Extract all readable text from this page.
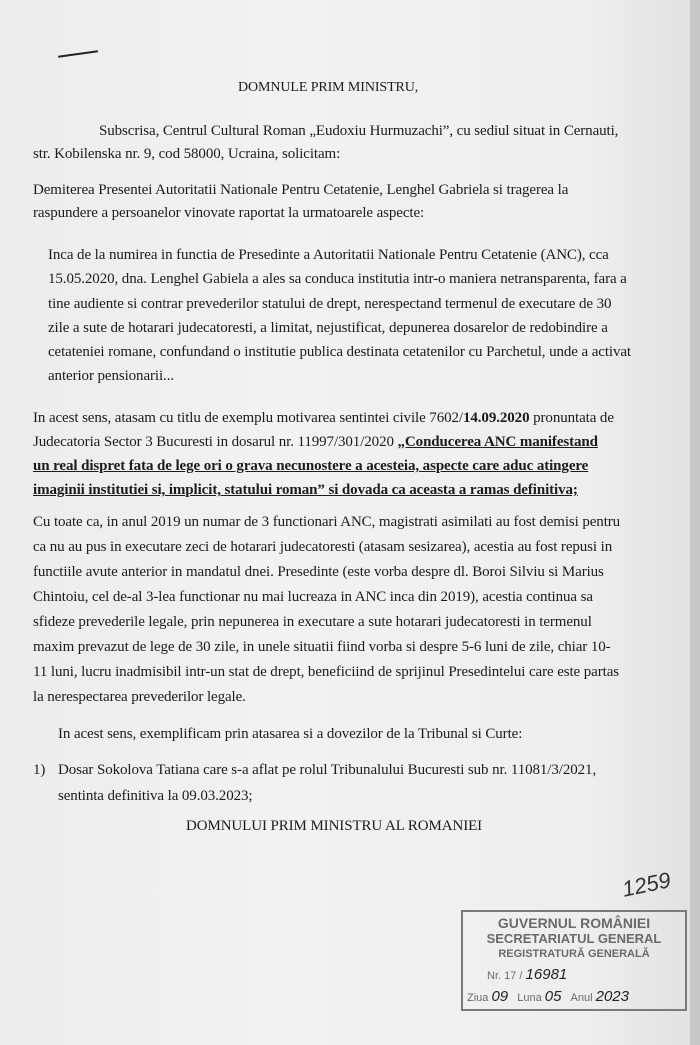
DOMNULE PRIM MINISTRU,
Subscrisa, Centrul Cultural Roman „Eudoxiu Hurmuzachi”, cu sediul situat in Cernauti,
str. Kobilenska nr. 9, cod 58000, Ucraina, solicitam:
Demiterea Presentei Autoritatii Nationale Pentru Cetatenie, Lenghel Gabriela si tragerea la
raspundere a persoanelor vinovate raportat la urmatoarele aspecte:
Inca de la numirea in functia de Presedinte a Autoritatii Nationale Pentru Cetatenie (ANC), cca
15.05.2020, dna. Lenghel Gabiela a ales sa conduca institutia intr-o maniera netransparenta, fara a
tine audiente si contrar prevederilor statului de drept, nerespectand termenul de executare de 30
zile a sute de hotarari judecatoresti, a limitat, nejustificat, depunerea dosarelor de redobindire a
cetateniei romane, confundand o institutie publica destinata cetatenilor cu Parchetul, unde a activat
anterior pensionarii...
In acest sens, atasam cu titlu de exemplu motivarea sentintei civile 7602/14.09.2020 pronuntata de
Judecatoria Sector 3 Bucuresti in dosarul nr. 11997/301/2020 „Conducerea ANC manifestand
un real dispret fata de lege ori o grava necunostere a acesteia, aspecte care aduc atingere
imaginii institutiei si, implicit, statului roman” si dovada ca aceasta a ramas definitiva;
Cu toate ca, in anul 2019 un numar de 3 functionari ANC, magistrati asimilati au fost demisi pentru
ca nu au pus in executare zeci de hotarari judecatoresti (atasam sesizarea), acestia au fost repusi in
functiile avute anterior in mandatul dnei. Presedinte (este vorba despre dl. Boroi Silviu si Marius
Chintoiu, cel de-al 3-lea functionar nu mai lucreaza in ANC inca din 2019), acestia continua sa
sfideze prevederile legale, prin nepunerea in executare a sute hotarari judecatoresti in termenul
maxim prevazut de lege de 30 zile, in unele situatii fiind vorba si despre 5-6 luni de zile, chiar 10-
11 luni, lucru inadmisibil intr-un stat de drept, beneficiind de sprijinul Presedintelui care este partas
la nerespectarea prevederilor legale.
In acest sens, exemplificam prin atasarea si a dovezilor de la Tribunal si Curte:
1) Dosar Sokolova Tatiana care s-a aflat pe rolul Tribunalului Bucuresti sub nr. 11081/3/2021,
sentinta definitiva la 09.03.2023;
DOMNULUI PRIM MINISTRU AL ROMANIEI
1259
GUVERNUL ROMÂNIEI
SECRETARIATUL GENERAL
REGISTRATURĂ GENERALĂ
Nr. 17 / 16981
Ziua 09 Luna 05 Anul 2023
